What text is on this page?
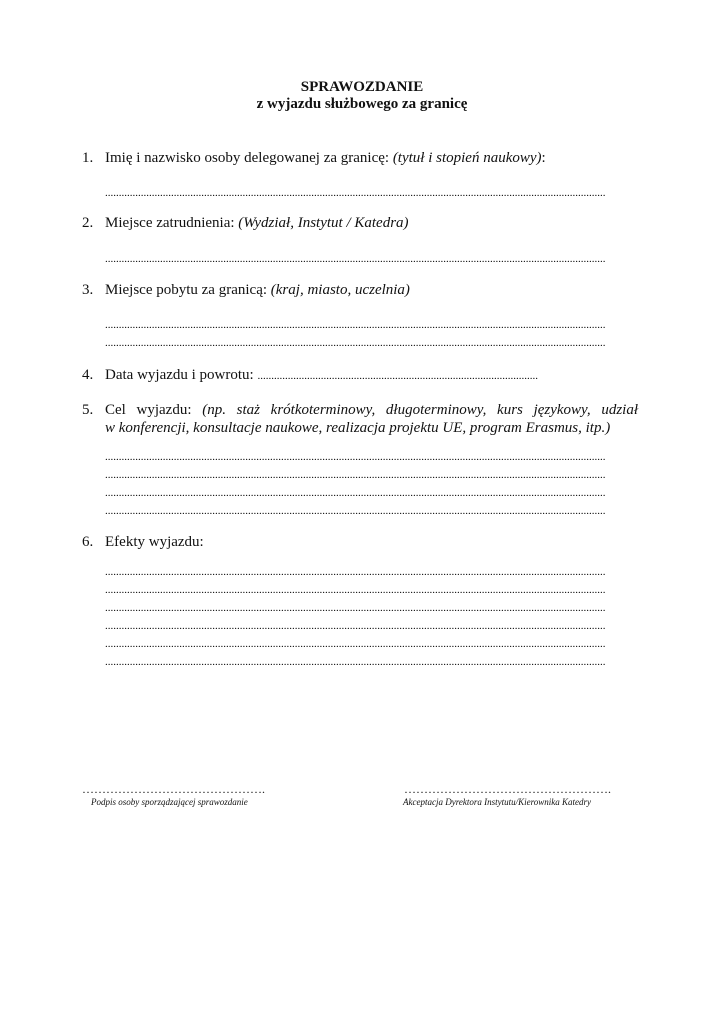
SPRAWOZDANIE
z wyjazdu służbowego za granicę
1. Imię i nazwisko osoby delegowanej za granicę: (tytuł i stopień naukowy):
......................................................................................................................................................................................
2. Miejsce zatrudnienia: (Wydział, Instytut / Katedra)
......................................................................................................................................................................................
3. Miejsce pobytu za granicą: (kraj, miasto, uczelnia)
......................................................................................................................................................................................
......................................................................................................................................................................................
4. Data wyjazdu i powrotu: ......................................................................................................
5. Cel wyjazdu: (np. staż krótkoterminowy, długoterminowy, kurs językowy, udział
w konferencji, konsultacje naukowe, realizacja projektu UE, program Erasmus, itp.)
......................................................................................................................................................................................
......................................................................................................................................................................................
......................................................................................................................................................................................
......................................................................................................................................................................................
6. Efekty wyjazdu:
......................................................................................................................................................................................
......................................................................................................................................................................................
......................................................................................................................................................................................
......................................................................................................................................................................................
......................................................................................................................................................................................
......................................................................................................................................................................................
……………………………………….
Podpis osoby sporządzającej sprawozdanie
…………………………………………….
Akceptacja Dyrektora Instytutu/Kierownika Katedry
